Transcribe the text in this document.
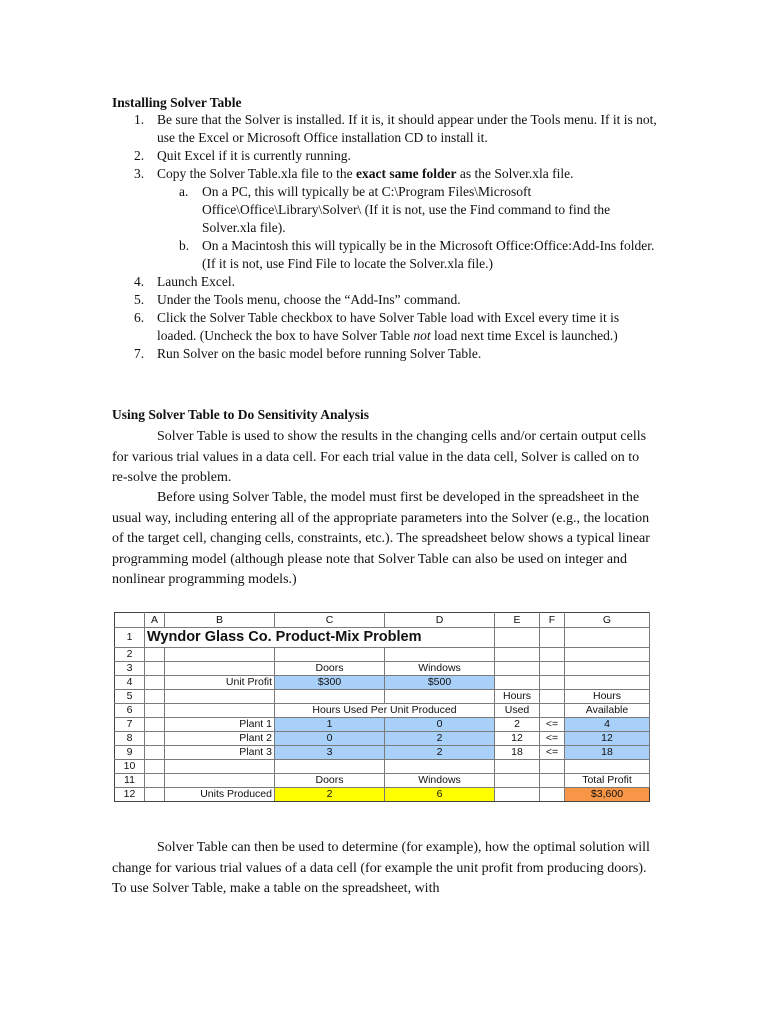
Installing Solver Table
1. Be sure that the Solver is installed. If it is, it should appear under the Tools menu. If it is not, use the Excel or Microsoft Office installation CD to install it.
2. Quit Excel if it is currently running.
3. Copy the Solver Table.xla file to the exact same folder as the Solver.xla file.
a. On a PC, this will typically be at C:\Program Files\Microsoft Office\Office\Library\Solver\ (If it is not, use the Find command to find the Solver.xla file).
b. On a Macintosh this will typically be in the Microsoft Office:Office:Add-Ins folder. (If it is not, use Find File to locate the Solver.xla file.)
4. Launch Excel.
5. Under the Tools menu, choose the “Add-Ins” command.
6. Click the Solver Table checkbox to have Solver Table load with Excel every time it is loaded. (Uncheck the box to have Solver Table not load next time Excel is launched.)
7. Run Solver on the basic model before running Solver Table.
Using Solver Table to Do Sensitivity Analysis
Solver Table is used to show the results in the changing cells and/or certain output cells for various trial values in a data cell. For each trial value in the data cell, Solver is called on to re-solve the problem.
Before using Solver Table, the model must first be developed in the spreadsheet in the usual way, including entering all of the appropriate parameters into the Solver (e.g., the location of the target cell, changing cells, constraints, etc.). The spreadsheet below shows a typical linear programming model (although please note that Solver Table can also be used on integer and nonlinear programming models.)
	A	B	C	D	E	F	G
1	Wyndor Glass Co. Product-Mix Problem						
2							
3			Doors	Windows			
4		Unit Profit	$300	$500			
5					Hours		Hours
6			Hours Used Per Unit Produced		Used		Available
7		Plant 1	1	0	2	<=	4
8		Plant 2	0	2	12	<=	12
9		Plant 3	3	2	18	<=	18
10							
11			Doors	Windows			Total Profit
12		Units Produced	2	6			$3,600
Solver Table can then be used to determine (for example), how the optimal solution will change for various trial values of a data cell (for example the unit profit from producing doors). To use Solver Table, make a table on the spreadsheet, with
